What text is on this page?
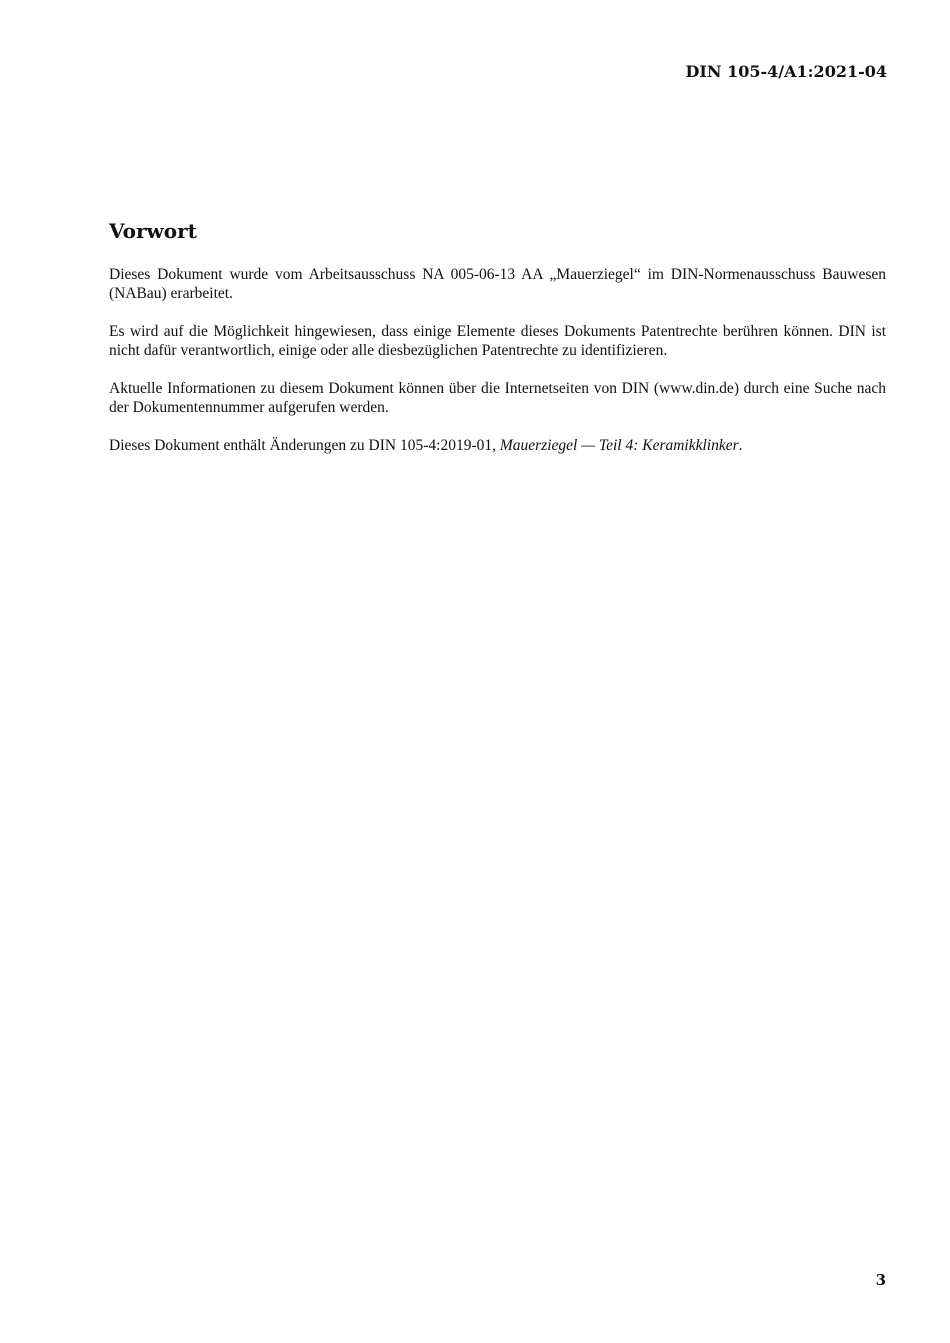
DIN 105-4/A1:2021-04

Vorwort

Dieses Dokument wurde vom Arbeitsausschuss NA 005-06-13 AA „Mauerziegel“ im DIN-Normenausschuss Bauwesen (NABau) erarbeitet.

Es wird auf die Möglichkeit hingewiesen, dass einige Elemente dieses Dokuments Patentrechte berühren können. DIN ist nicht dafür verantwortlich, einige oder alle diesbezüglichen Patentrechte zu identifizieren.

Aktuelle Informationen zu diesem Dokument können über die Internetseiten von DIN (www.din.de) durch eine Suche nach der Dokumentennummer aufgerufen werden.

Dieses Dokument enthält Änderungen zu DIN 105-4:2019-01, Mauerziegel — Teil 4: Keramikklinker.

3
